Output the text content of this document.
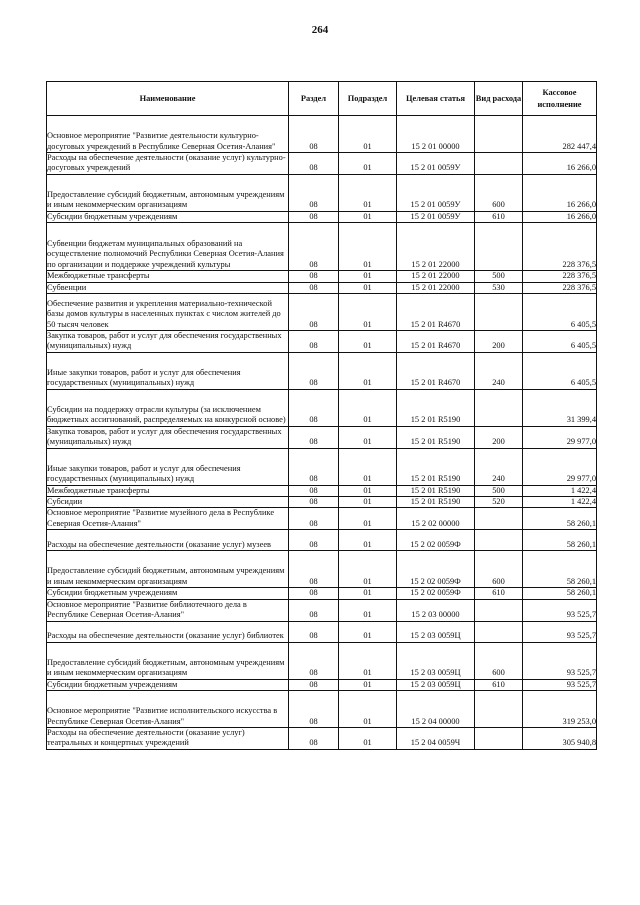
264
Наименование	Раздел	Подраздел	Целевая статья	Вид расхода	Кассовое исполнение
Основное мероприятие "Развитие деятельности культурно-досуговых учреждений в Республике Северная Осетия-Алания"	08	01	15 2 01 00000		282 447,4
Расходы на обеспечение деятельности (оказание услуг) культурно-досуговых учреждений	08	01	15 2 01 0059У		16 266,0
Предоставление субсидий бюджетным, автономным учреждениям и иным некоммерческим организациям	08	01	15 2 01 0059У	600	16 266,0
Субсидии бюджетным учреждениям	08	01	15 2 01 0059У	610	16 266,0
Субвенции бюджетам муниципальных образований на осуществление полномочий Республики Северная Осетия-Алания по организации и поддержке учреждений культуры	08	01	15 2 01 22000		228 376,5
Межбюджетные трансферты	08	01	15 2 01 22000	500	228 376,5
Субвенции	08	01	15 2 01 22000	530	228 376,5
Обеспечение развития и укрепления материально-технической базы домов культуры в населенных пунктах с числом жителей до 50 тысяч человек	08	01	15 2 01 R4670		6 405,5
Закупка товаров, работ и услуг для обеспечения государственных (муниципальных) нужд	08	01	15 2 01 R4670	200	6 405,5
Иные закупки товаров, работ и услуг для обеспечения государственных (муниципальных) нужд	08	01	15 2 01 R4670	240	6 405,5
Субсидии на поддержку отрасли культуры (за исключением бюджетных ассигнований, распределяемых на конкурсной основе)	08	01	15 2 01 R5190		31 399,4
Закупка товаров, работ и услуг для обеспечения государственных (муниципальных) нужд	08	01	15 2 01 R5190	200	29 977,0
Иные закупки товаров, работ и услуг для обеспечения государственных (муниципальных) нужд	08	01	15 2 01 R5190	240	29 977,0
Межбюджетные трансферты	08	01	15 2 01 R5190	500	1 422,4
Субсидии	08	01	15 2 01 R5190	520	1 422,4
Основное мероприятие "Развитие музейного дела в Республике Северная Осетия-Алания"	08	01	15 2 02 00000		58 260,1
Расходы на обеспечение деятельности (оказание услуг) музеев	08	01	15 2 02 0059Ф		58 260,1
Предоставление субсидий бюджетным, автономным учреждениям и иным некоммерческим организациям	08	01	15 2 02 0059Ф	600	58 260,1
Субсидии бюджетным учреждениям	08	01	15 2 02 0059Ф	610	58 260,1
Основное мероприятие "Развитие библиотечного дела в Республике Северная Осетия-Алания"	08	01	15 2 03 00000		93 525,7
Расходы на обеспечение деятельности (оказание услуг) библиотек	08	01	15 2 03 0059Ц		93 525,7
Предоставление субсидий бюджетным, автономным учреждениям и иным некоммерческим организациям	08	01	15 2 03 0059Ц	600	93 525,7
Субсидии бюджетным учреждениям	08	01	15 2 03 0059Ц	610	93 525,7
Основное мероприятие "Развитие исполнительского искусства в Республике Северная Осетия-Алания"	08	01	15 2 04 00000		319 253,0
Расходы на обеспечение деятельности (оказание услуг) театральных и концертных учреждений	08	01	15 2 04 0059Ч		305 940,8
